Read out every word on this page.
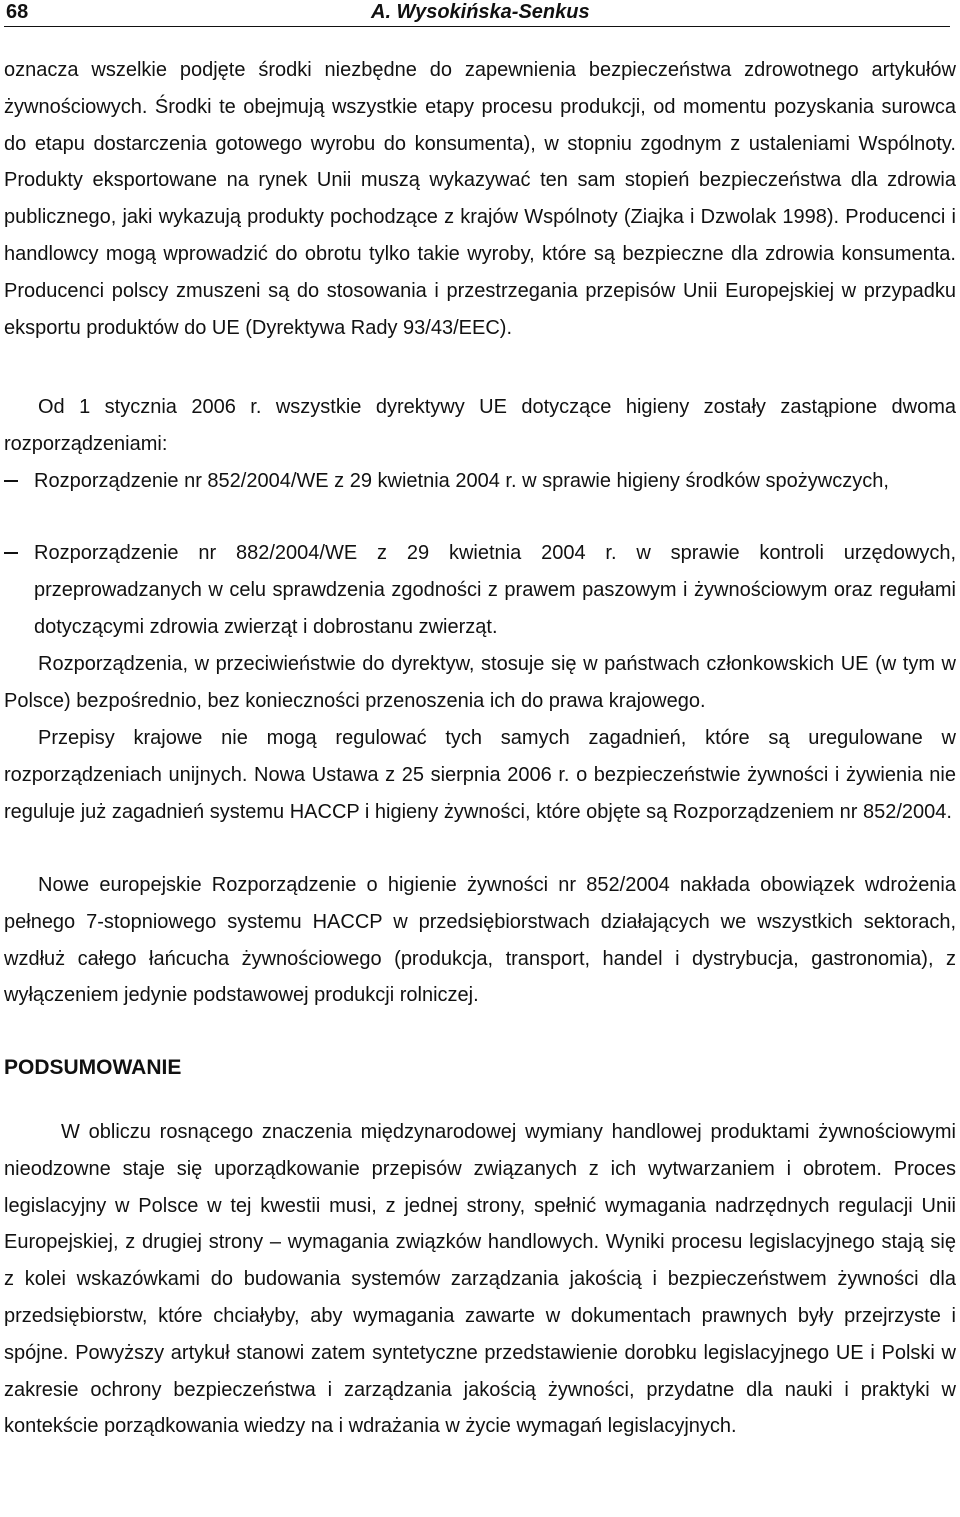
68	A. Wysokińska-Senkus

oznacza wszelkie podjęte środki niezbędne do zapewnienia bezpieczeństwa zdrowotnego artykułów żywnościowych. Środki te obejmują wszystkie etapy procesu produkcji, od momentu pozyskania surowca do etapu dostarczenia gotowego wyrobu do konsumenta), w stopniu zgodnym z ustaleniami Wspólnoty. Produkty eksportowane na rynek Unii muszą wykazywać ten sam stopień bezpieczeństwa dla zdrowia publicznego, jaki wykazują produkty pochodzące z krajów Wspólnoty (Ziajka i Dzwolak 1998). Producenci i handlowcy mogą wprowadzić do obrotu tylko takie wyroby, które są bezpieczne dla zdrowia konsumenta. Producenci polscy zmuszeni są do stosowania i przestrzegania przepisów Unii Europejskiej w przypadku eksportu produktów do UE (Dyrektywa Rady 93/43/EEC).

Od 1 stycznia 2006 r. wszystkie dyrektywy UE dotyczące higieny zostały zastąpione dwoma rozporządzeniami:

Rozporządzenie nr 852/2004/WE z 29 kwietnia 2004 r. w sprawie higieny środków spożywczych,

Rozporządzenie nr 882/2004/WE z 29 kwietnia 2004 r. w sprawie kontroli urzędowych, przeprowadzanych w celu sprawdzenia zgodności z prawem paszowym i żywnościowym oraz regułami dotyczącymi zdrowia zwierząt i dobrostanu zwierząt.

Rozporządzenia, w przeciwieństwie do dyrektyw, stosuje się w państwach członkowskich UE (w tym w Polsce) bezpośrednio, bez konieczności przenoszenia ich do prawa krajowego.

Przepisy krajowe nie mogą regulować tych samych zagadnień, które są uregulowane w rozporządzeniach unijnych. Nowa Ustawa z 25 sierpnia 2006 r. o bezpieczeństwie żywności i żywienia nie reguluje już zagadnień systemu HACCP i higieny żywności, które objęte są Rozporządzeniem nr 852/2004.

Nowe europejskie Rozporządzenie o higienie żywności nr 852/2004 nakłada obowiązek wdrożenia pełnego 7-stopniowego systemu HACCP w przedsiębiorstwach działających we wszystkich sektorach, wzdłuż całego łańcucha żywnościowego (produkcja, transport, handel i dystrybucja, gastronomia), z wyłączeniem jedynie podstawowej produkcji rolniczej.

PODSUMOWANIE

W obliczu rosnącego znaczenia międzynarodowej wymiany handlowej produktami żywnościowymi nieodzowne staje się uporządkowanie przepisów związanych z ich wytwarzaniem i obrotem. Proces legislacyjny w Polsce w tej kwestii musi, z jednej strony, spełnić wymagania nadrzędnych regulacji Unii Europejskiej, z drugiej strony – wymagania związków handlowych. Wyniki procesu legislacyjnego stają się z kolei wskazówkami do budowania systemów zarządzania jakością i bezpieczeństwem żywności dla przedsiębiorstw, które chciałyby, aby wymagania zawarte w dokumentach prawnych były przejrzyste i spójne. Powyższy artykuł stanowi zatem syntetyczne przedstawienie dorobku legislacyjnego UE i Polski w zakresie ochrony bezpieczeństwa i zarządzania jakością żywności, przydatne dla nauki i praktyki w kontekście porządkowania wiedzy na i wdrażania w życie wymagań legislacyjnych.
